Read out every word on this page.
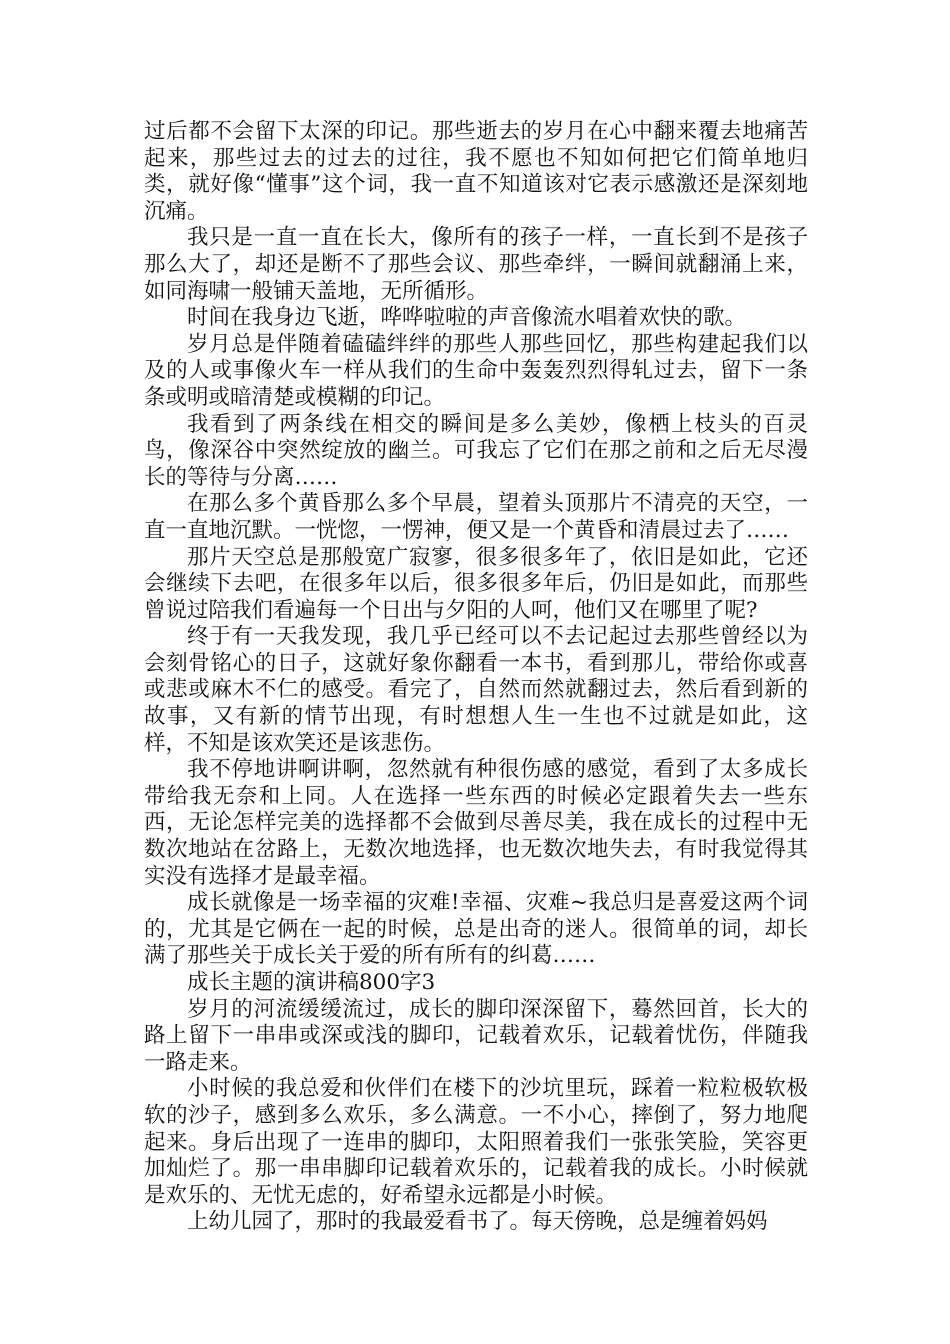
过后都不会留下太深的印记。那些逝去的岁月在心中翻来覆去地痛苦起来，那些过去的过去的过往，我不愿也不知如何把它们简单地归类，就好像“懂事”这个词，我一直不知道该对它表示感激还是深刻地沉痛。

我只是一直一直在长大，像所有的孩子一样，一直长到不是孩子那么大了，却还是断不了那些会议、那些牵绊，一瞬间就翻涌上来，如同海啸一般铺天盖地，无所循形。

时间在我身边飞逝，哗哗啦啦的声音像流水唱着欢快的歌。

岁月总是伴随着磕磕绊绊的那些人那些回忆，那些构建起我们以及的人或事像火车一样从我们的生命中轰轰烈烈得轧过去，留下一条条或明或暗清楚或模糊的印记。

我看到了两条线在相交的瞬间是多么美妙，像栖上枝头的百灵鸟，像深谷中突然绽放的幽兰。可我忘了它们在那之前和之后无尽漫长的等待与分离……

在那么多个黄昏那么多个早晨，望着头顶那片不清亮的天空，一直一直地沉默。一恍惚，一愣神，便又是一个黄昏和清晨过去了……

那片天空总是那般宽广寂寥，很多很多年了，依旧是如此，它还会继续下去吧，在很多年以后，很多很多年后，仍旧是如此，而那些曾说过陪我们看遍每一个日出与夕阳的人呵，他们又在哪里了呢?

终于有一天我发现，我几乎已经可以不去记起过去那些曾经以为会刻骨铭心的日子，这就好象你翻看一本书，看到那儿，带给你或喜或悲或麻木不仁的感受。看完了，自然而然就翻过去，然后看到新的故事，又有新的情节出现，有时想想人生一生也不过就是如此，这样，不知是该欢笑还是该悲伤。

我不停地讲啊讲啊，忽然就有种很伤感的感觉，看到了太多成长带给我无奈和上同。人在选择一些东西的时候必定跟着失去一些东西，无论怎样完美的选择都不会做到尽善尽美，我在成长的过程中无数次地站在岔路上，无数次地选择，也无数次地失去，有时我觉得其实没有选择才是最幸福。

成长就像是一场幸福的灾难!幸福、灾难~我总归是喜爱这两个词的，尤其是它俩在一起的时候，总是出奇的迷人。很简单的词，却长满了那些关于成长关于爱的所有所有的纠葛……

成长主题的演讲稿800字3

岁月的河流缓缓流过，成长的脚印深深留下，蓦然回首，长大的路上留下一串串或深或浅的脚印，记载着欢乐，记载着忧伤，伴随我一路走来。

小时候的我总爱和伙伴们在楼下的沙坑里玩，踩着一粒粒极软极软的沙子，感到多么欢乐，多么满意。一不小心，摔倒了，努力地爬起来。身后出现了一连串的脚印，太阳照着我们一张张笑脸，笑容更加灿烂了。那一串串脚印记载着欢乐的，记载着我的成长。小时候就是欢乐的、无忧无虑的，好希望永远都是小时候。

上幼儿园了，那时的我最爱看书了。每天傍晚，总是缠着妈妈
